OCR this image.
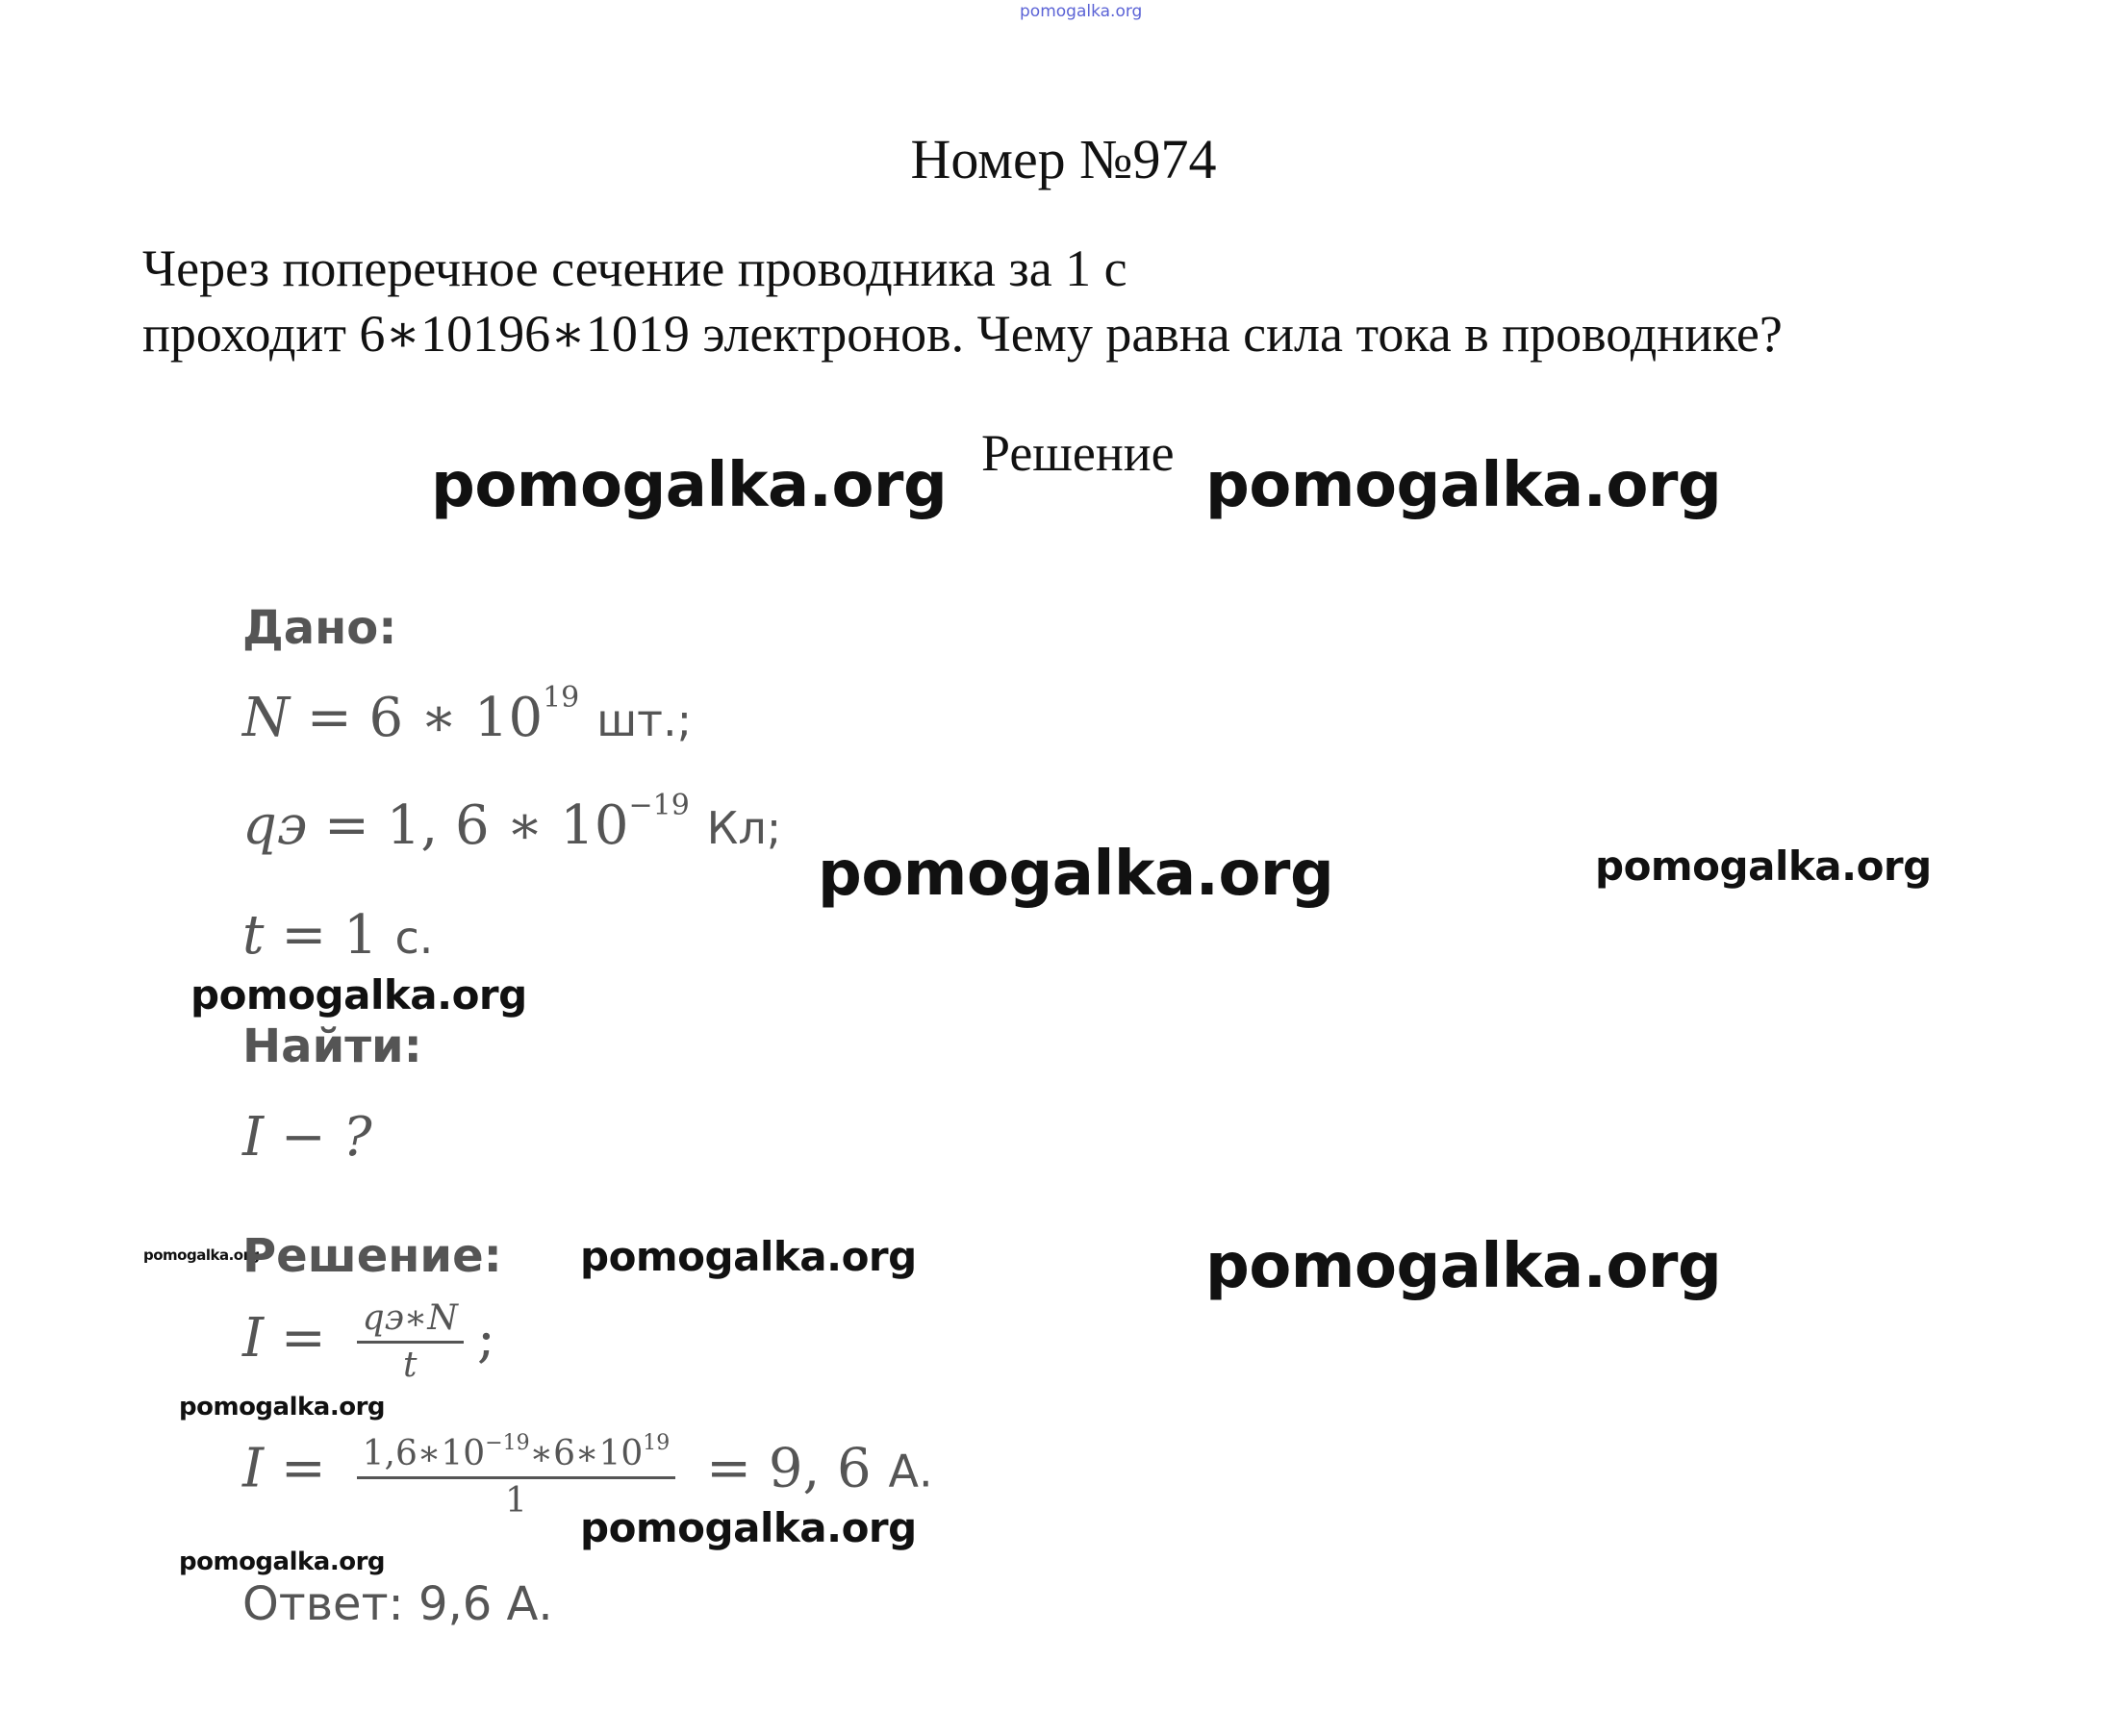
pomogalka.org
Номер №974
Через поперечное сечение проводника за 1 с
проходит 6∗10196∗1019 электронов. Чему равна сила тока в проводнике?
Решение
pomogalka.org	pomogalka.org
pomogalka.org	pomogalka.org
pomogalka.org
pomogalka.org	pomogalka.org	pomogalka.org
pomogalka.org
pomogalka.org
pomogalka.org
Дано:
N = 6 ∗ $10^{19}$ шт.;
qэ = 1, 6 ∗ $10^{-19}$ Кл;
t = 1 с.
Найти:
I − ?
Решение:
$I = \frac{qэ∗N}{t}$ ;
$I = \frac{1,6∗10^{-19}∗6∗10^{19}}{1} = 9$, 6 А.
Ответ: 9,6 А.
